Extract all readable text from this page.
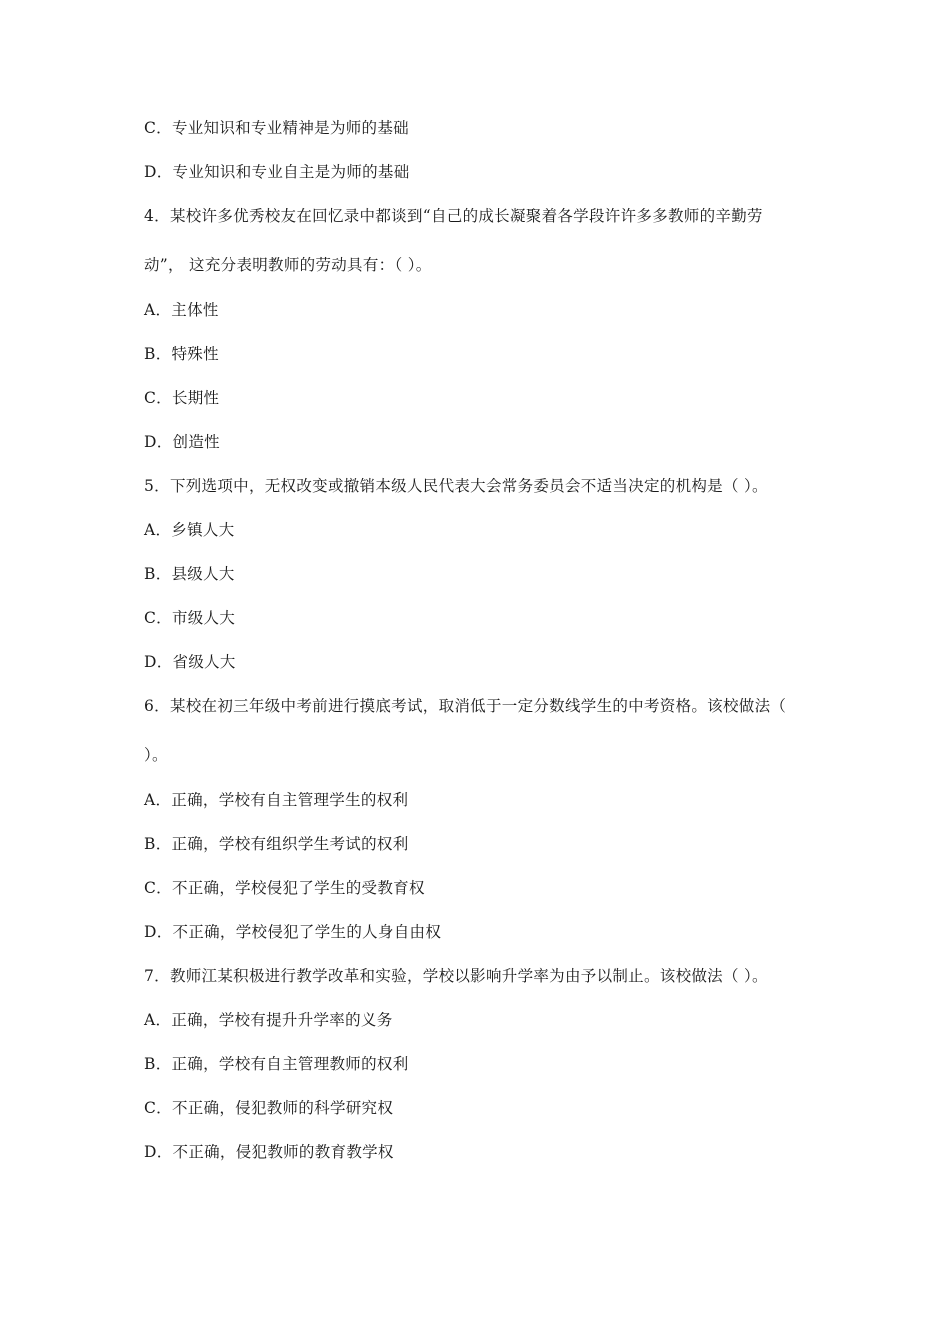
C．专业知识和专业精神是为师的基础
D．专业知识和专业自主是为师的基础
4．某校许多优秀校友在回忆录中都谈到“自己的成长凝聚着各学段许许多多教师的辛勤劳
动”， 这充分表明教师的劳动具有：（ ）。
A．主体性
B．特殊性
C．长期性
D．创造性
5．下列选项中，无权改变或撤销本级人民代表大会常务委员会不适当决定的机构是（ ）。
A．乡镇人大
B．县级人大
C．市级人大
D．省级人大
6．某校在初三年级中考前进行摸底考试，取消低于一定分数线学生的中考资格。该校做法（
）。
A．正确，学校有自主管理学生的权利
B．正确，学校有组织学生考试的权利
C．不正确，学校侵犯了学生的受教育权
D．不正确，学校侵犯了学生的人身自由权
7．教师江某积极进行教学改革和实验，学校以影响升学率为由予以制止。该校做法（ ）。
A．正确，学校有提升升学率的义务
B．正确，学校有自主管理教师的权利
C．不正确，侵犯教师的科学研究权
D．不正确，侵犯教师的教育教学权
